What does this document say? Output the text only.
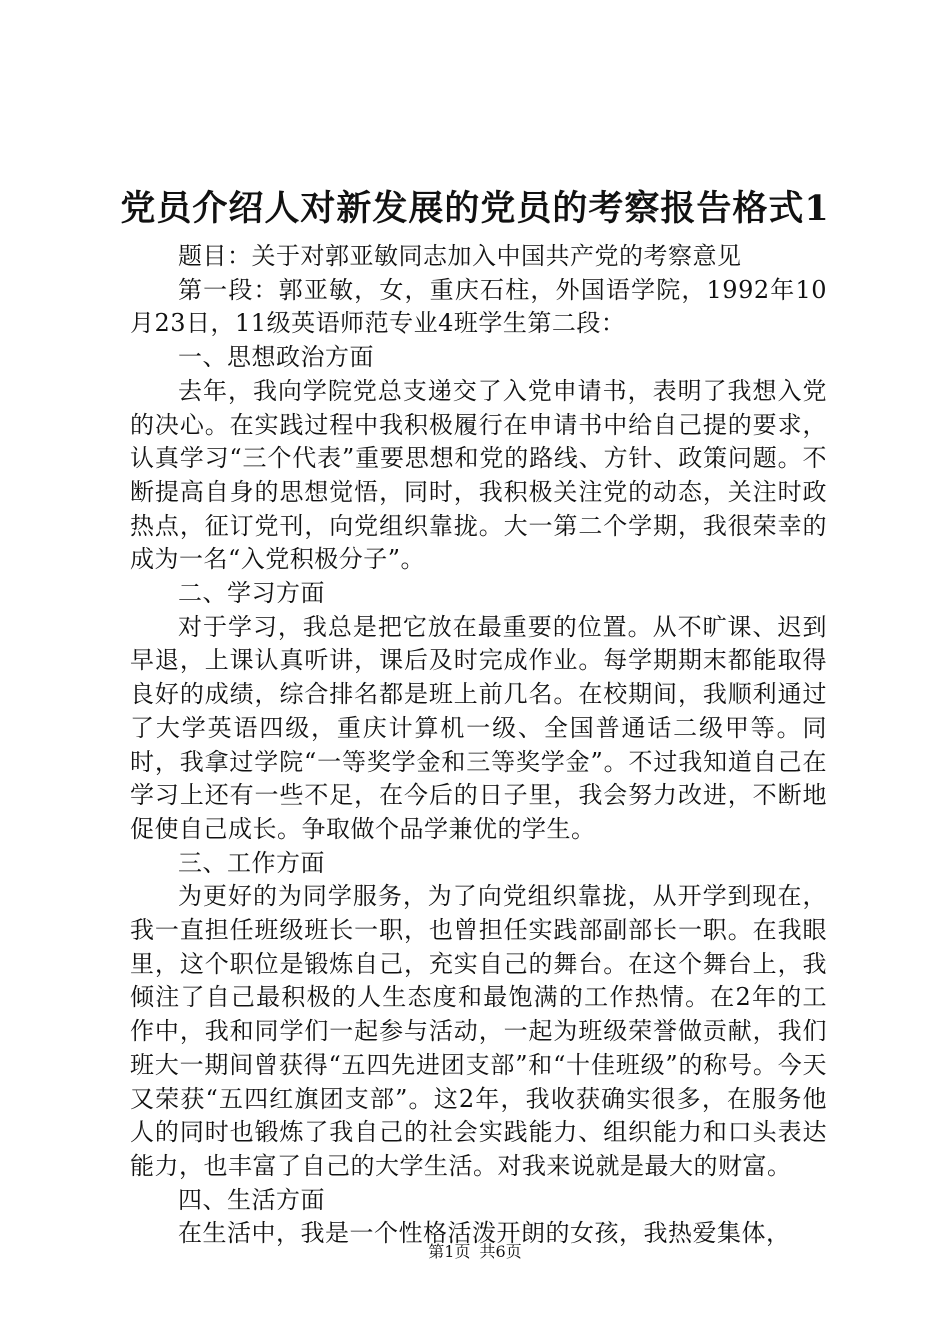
党员介绍人对新发展的党员的考察报告格式1

题目：关于对郭亚敏同志加入中国共产党的考察意见

第一段：郭亚敏，女，重庆石柱，外国语学院，1992年10月23日，11级英语师范专业4班学生第二段：

一、思想政治方面

去年，我向学院党总支递交了入党申请书，表明了我想入党的决心。在实践过程中我积极履行在申请书中给自己提的要求，认真学习“三个代表”重要思想和党的路线、方针、政策问题。不断提高自身的思想觉悟，同时，我积极关注党的动态，关注时政热点，征订党刊，向党组织靠拢。大一第二个学期，我很荣幸的成为一名“入党积极分子”。

二、学习方面

对于学习，我总是把它放在最重要的位置。从不旷课、迟到早退，上课认真听讲，课后及时完成作业。每学期期末都能取得良好的成绩，综合排名都是班上前几名。在校期间，我顺利通过了大学英语四级，重庆计算机一级、全国普通话二级甲等。同时，我拿过学院“一等奖学金和三等奖学金”。不过我知道自己在学习上还有一些不足，在今后的日子里，我会努力改进，不断地促使自己成长。争取做个品学兼优的学生。

三、工作方面

为更好的为同学服务，为了向党组织靠拢，从开学到现在，我一直担任班级班长一职，也曾担任实践部副部长一职。在我眼里，这个职位是锻炼自己，充实自己的舞台。在这个舞台上，我倾注了自己最积极的人生态度和最饱满的工作热情。在2年的工作中，我和同学们一起参与活动，一起为班级荣誉做贡献，我们班大一期间曾获得“五四先进团支部”和“十佳班级”的称号。今天又荣获“五四红旗团支部”。这2年，我收获确实很多，在服务他人的同时也锻炼了我自己的社会实践能力、组织能力和口头表达能力，也丰富了自己的大学生活。对我来说就是最大的财富。

四、生活方面

在生活中，我是一个性格活泼开朗的女孩，我热爱集体，

第1页 共6页
